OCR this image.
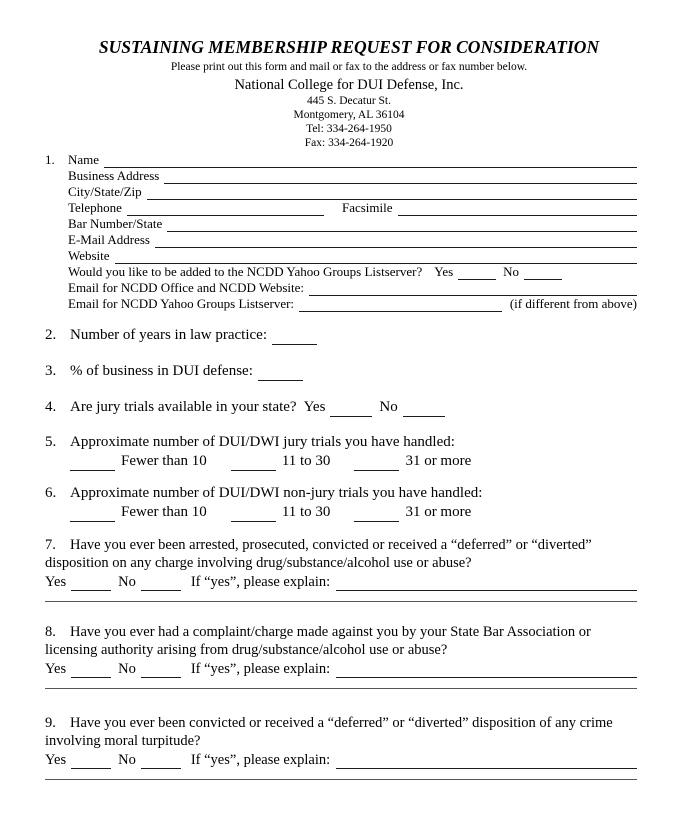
SUSTAINING MEMBERSHIP REQUEST FOR CONSIDERATION
Please print out this form and mail or fax to the address or fax number below.
National College for DUI Defense, Inc.
445 S. Decatur St.
Montgomery, AL 36104
Tel: 334-264-1950
Fax: 334-264-1920
1.	Name
Business Address
City/State/Zip
Telephone	Facsimile
Bar Number/State
E-Mail Address
Website
Would you like to be added to the NCDD Yahoo Groups Listserver? Yes	No
Email for NCDD Office and NCDD Website:
Email for NCDD Yahoo Groups Listserver:	(if different from above)
2. Number of years in law practice:
3. % of business in DUI defense:
4. Are jury trials available in your state? Yes	No
5. Approximate number of DUI/DWI jury trials you have handled:
Fewer than 10	11 to 30	31 or more
6. Approximate number of DUI/DWI non-jury trials you have handled:
Fewer than 10	11 to 30	31 or more
7. Have you ever been arrested, prosecuted, convicted or received a “deferred” or “diverted” disposition on any charge involving drug/substance/alcohol use or abuse?
Yes	No	If “yes”, please explain:
8. Have you ever had a complaint/charge made against you by your State Bar Association or licensing authority arising from drug/substance/alcohol use or abuse?
Yes	No	If “yes”, please explain:
9. Have you ever been convicted or received a “deferred” or “diverted” disposition of any crime involving moral turpitude?
Yes	No	If “yes”, please explain:
